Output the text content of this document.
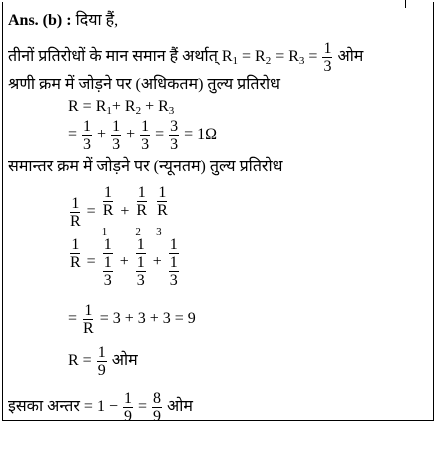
Ans. (b) : दिया हैं,
तीनों प्रतिरोधों के मान समान हैं अर्थात् $R_1 = R_2 = R_3 = \frac{1}{3}$ ओम
श्रणी क्रम में जोड़ने पर (अधिकतम) तुल्य प्रतिरोध
$R = R_1+ R_2 + R_3$
= $\frac{1}{3} + \frac{1}{3} + \frac{1}{3} = \frac{3}{3} = 1\Omega$
समान्तर क्रम में जोड़ने पर (न्यूनतम) तुल्य प्रतिरोध
$\frac{1}{R} = 1$
R
$_1$ + 1
R
$_2$
1
R
$_3$
$\frac{1}{R} = \frac{1}{\frac{1}{3}} + \frac{1}{\frac{1}{3}} + \frac{1}{\frac{1}{3}}$
= $\frac{1}{R} = 3 + 3 + 3 = 9$
$R = \frac{1}{9}$ ओम
इसका अन्तर = $1 - \frac{1}{9} = \frac{8}{9}$ ओम
